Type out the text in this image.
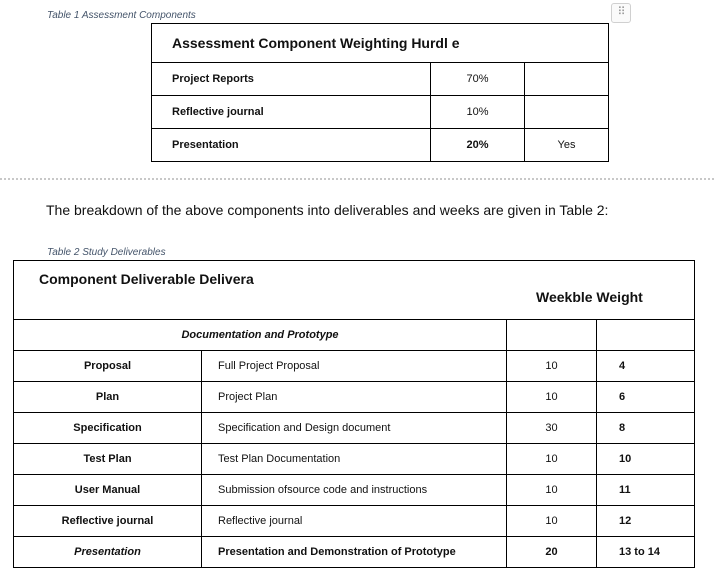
Table 1 Assessment Components	⠿
Assessment Component Weighting Hurdl e		
Project Reports	70%	
Reflective journal	10%	
Presentation	20%	Yes
The breakdown of the above components into deliverables and weeks are given in Table 2:
Table 2 Study Deliverables
Component Deliverable Delivera
Weekble Weight			

Documentation and Prototype			
Proposal	Full Project Proposal	10	4
Plan	Project Plan	10	6
Specification	Specification and Design document	30	8
Test Plan	Test Plan Documentation	10	10
User Manual	Submission ofsource code and instructions	10	11
Reflective journal	Reflective journal	10	12
Presentation	Presentation and Demonstration of Prototype	20	13 to 14
